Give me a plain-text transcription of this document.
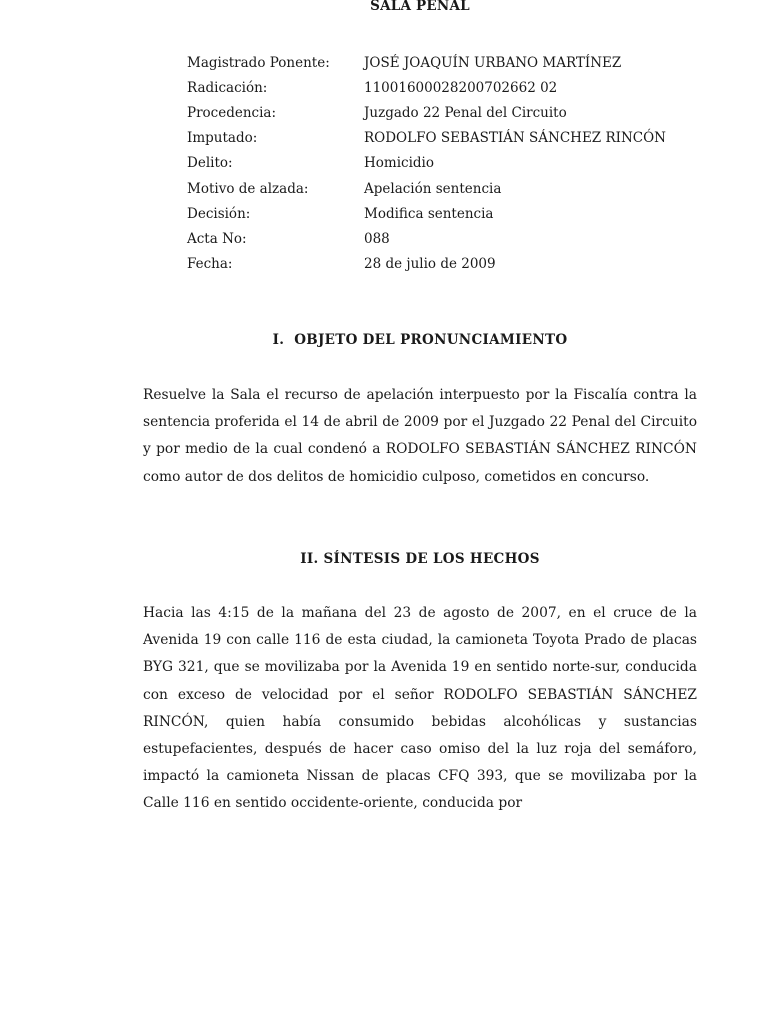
SALA PENAL
Magistrado Ponente:	JOSÉ JOAQUÍN URBANO MARTÍNEZ
Radicación:	11001600028200702662 02
Procedencia:	Juzgado 22 Penal del Circuito
Imputado:	RODOLFO SEBASTIÁN SÁNCHEZ RINCÓN
Delito:	Homicidio
Motivo de alzada:	Apelación sentencia
Decisión:	Modifica sentencia
Acta No:	088
Fecha:	28 de julio de 2009
I.  OBJETO DEL PRONUNCIAMIENTO

Resuelve la Sala el recurso de apelación interpuesto por la Fiscalía contra la sentencia proferida el 14 de abril de 2009 por el Juzgado 22 Penal del Circuito y por medio de la cual condenó a RODOLFO SEBASTIÁN SÁNCHEZ RINCÓN como autor de dos delitos de homicidio culposo, cometidos en concurso.

II. SÍNTESIS DE LOS HECHOS

Hacia las 4:15 de la mañana del 23 de agosto de 2007, en el cruce de la Avenida 19 con calle 116 de esta ciudad, la camioneta Toyota Prado de placas BYG 321, que se movilizaba por la Avenida 19 en sentido norte-sur, conducida con exceso de velocidad por el señor RODOLFO SEBASTIÁN SÁNCHEZ RINCÓN, quien había consumido bebidas alcohólicas y sustancias estupefacientes, después de hacer caso omiso del la luz roja del semáforo, impactó la camioneta Nissan de placas CFQ 393, que se movilizaba por la Calle 116 en sentido occidente-oriente, conducida por
